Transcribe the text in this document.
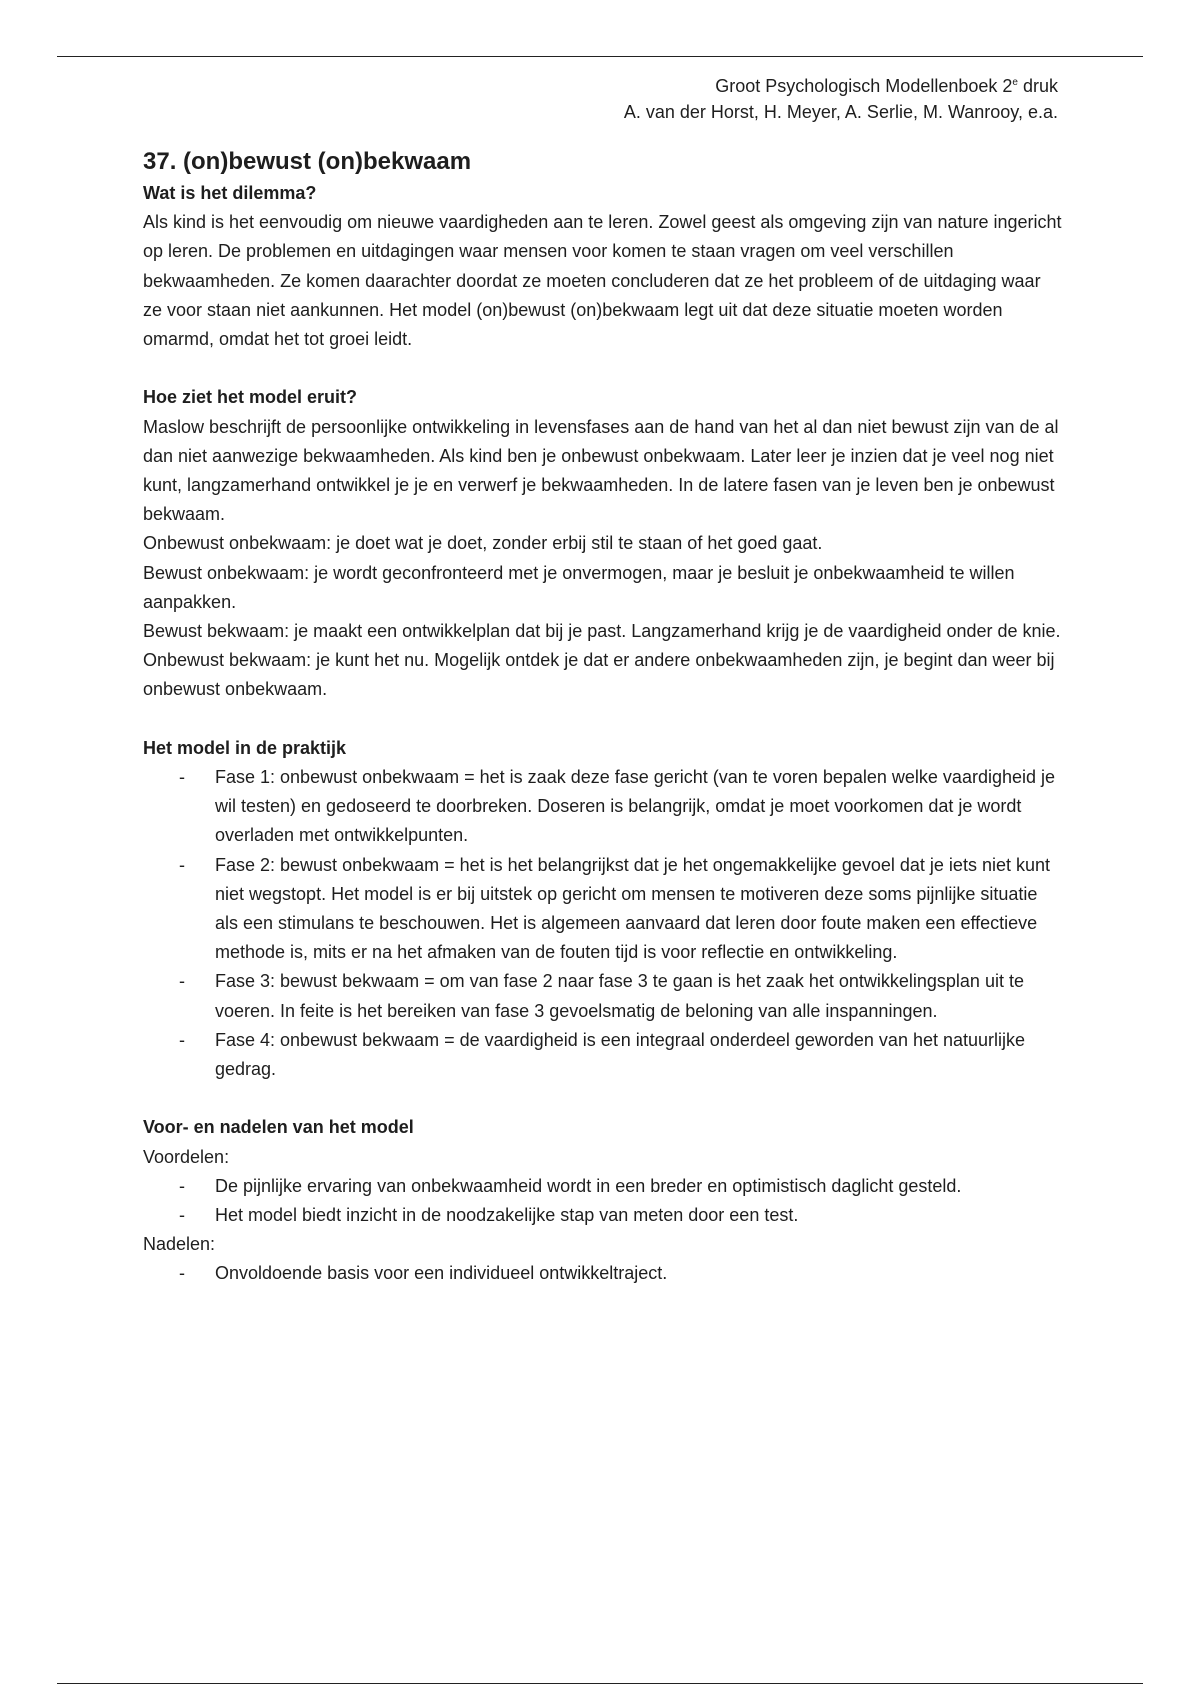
Groot Psychologisch Modellenboek 2e druk
A. van der Horst, H. Meyer, A. Serlie, M. Wanrooy, e.a.
37. (on)bewust (on)bekwaam
Wat is het dilemma?

Als kind is het eenvoudig om nieuwe vaardigheden aan te leren. Zowel geest als omgeving zijn van nature ingericht op leren. De problemen en uitdagingen waar mensen voor komen te staan vragen om veel verschillen bekwaamheden. Ze komen daarachter doordat ze moeten concluderen dat ze het probleem of de uitdaging waar ze voor staan niet aankunnen. Het model (on)bewust (on)bekwaam legt uit dat deze situatie moeten worden omarmd, omdat het tot groei leidt.

Hoe ziet het model eruit?

Maslow beschrijft de persoonlijke ontwikkeling in levensfases aan de hand van het al dan niet bewust zijn van de al dan niet aanwezige bekwaamheden. Als kind ben je onbewust onbekwaam. Later leer je inzien dat je veel nog niet kunt, langzamerhand ontwikkel je je en verwerf je bekwaamheden. In de latere fasen van je leven ben je onbewust bekwaam.

Onbewust onbekwaam: je doet wat je doet, zonder erbij stil te staan of het goed gaat.

Bewust onbekwaam: je wordt geconfronteerd met je onvermogen, maar je besluit je onbekwaamheid te willen aanpakken.

Bewust bekwaam: je maakt een ontwikkelplan dat bij je past. Langzamerhand krijg je de vaardigheid onder de knie.

Onbewust bekwaam: je kunt het nu. Mogelijk ontdek je dat er andere onbekwaamheden zijn, je begint dan weer bij onbewust onbekwaam.

Het model in de praktijk
- Fase 1: onbewust onbekwaam = het is zaak deze fase gericht (van te voren bepalen welke vaardigheid je wil testen) en gedoseerd te doorbreken. Doseren is belangrijk, omdat je moet voorkomen dat je wordt overladen met ontwikkelpunten.
- Fase 2: bewust onbekwaam = het is het belangrijkst dat je het ongemakkelijke gevoel dat je iets niet kunt niet wegstopt. Het model is er bij uitstek op gericht om mensen te motiveren deze soms pijnlijke situatie als een stimulans te beschouwen. Het is algemeen aanvaard dat leren door foute maken een effectieve methode is, mits er na het afmaken van de fouten tijd is voor reflectie en ontwikkeling.
- Fase 3: bewust bekwaam = om van fase 2 naar fase 3 te gaan is het zaak het ontwikkelingsplan uit te voeren. In feite is het bereiken van fase 3 gevoelsmatig de beloning van alle inspanningen.
- Fase 4: onbewust bekwaam = de vaardigheid is een integraal onderdeel geworden van het natuurlijke gedrag.
Voor- en nadelen van het model

Voordelen:

- De pijnlijke ervaring van onbekwaamheid wordt in een breder en optimistisch daglicht gesteld.
- Het model biedt inzicht in de noodzakelijke stap van meten door een test.

Nadelen:

- Onvoldoende basis voor een individueel ontwikkeltraject.
